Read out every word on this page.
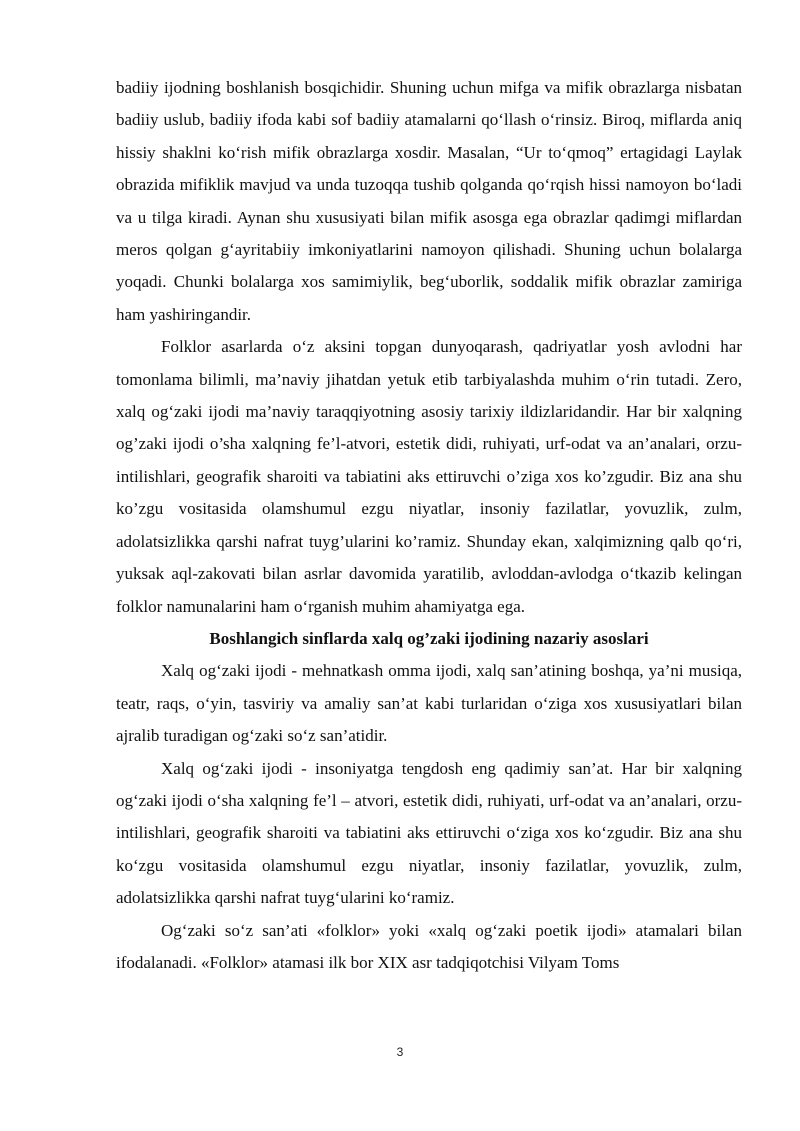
badiiy ijodning boshlanish bosqichidir. Shuning uchun mifga va mifik obrazlarga nisbatan badiiy uslub, badiiy ifoda kabi sof badiiy atamalarni qo‘llash o‘rinsiz. Biroq, miflarda aniq hissiy shaklni ko‘rish mifik obrazlarga xosdir. Masalan, “Ur to‘qmoq” ertagidagi Laylak obrazida mifiklik mavjud va unda tuzoqqa tushib qolganda qo‘rqish hissi namoyon bo‘ladi va u tilga kiradi. Aynan shu xususiyati bilan mifik asosga ega obrazlar qadimgi miflardan meros qolgan g‘ayritabiiy imkoniyatlarini namoyon qilishadi. Shuning uchun bolalarga yoqadi. Chunki bolalarga xos samimiylik, beg‘uborlik, soddalik mifik obrazlar zamiriga ham yashiringandir.

Folklor asarlarda o‘z aksini topgan dunyoqarash, qadriyatlar yosh avlodni har tomonlama bilimli, ma’naviy jihatdan yetuk etib tarbiyalashda muhim o‘rin tutadi. Zero, xalq og‘zaki ijodi ma’naviy taraqqiyotning asosiy tarixiy ildizlaridandir. Har bir xalqning og’zaki ijodi o’sha xalqning fe’l-atvori, estetik didi, ruhiyati, urf-odat va an’analari, orzu-intilishlari, geografik sharoiti va tabiatini aks ettiruvchi o’ziga xos ko’zgudir. Biz ana shu ko’zgu vositasida olamshumul ezgu niyatlar, insoniy fazilatlar, yovuzlik, zulm, adolatsizlikka qarshi nafrat tuyg’ularini ko’ramiz. Shunday ekan, xalqimizning qalb qo‘ri, yuksak aql-zakovati bilan asrlar davomida yaratilib, avloddan-avlodga o‘tkazib kelingan folklor namunalarini ham o‘rganish muhim ahamiyatga ega.

Boshlangich sinflarda xalq og’zaki ijodining nazariy asoslari

Xalq og‘zaki ijodi - mehnatkash omma ijodi, xalq san’atining boshqa, ya’ni musiqa, teatr, raqs, o‘yin, tasviriy va amaliy san’at kabi turlaridan o‘ziga xos xususiyatlari bilan ajralib turadigan og‘zaki so‘z san’atidir.

Xalq og‘zaki ijodi - insoniyatga tengdosh eng qadimiy san’at. Har bir xalqning og‘zaki ijodi o‘sha xalqning fe’l – atvori, estetik didi, ruhiyati, urf-odat va an’analari, orzu-intilishlari, geografik sharoiti va tabiatini aks ettiruvchi o‘ziga xos ko‘zgudir. Biz ana shu ko‘zgu vositasida olamshumul ezgu niyatlar, insoniy fazilatlar, yovuzlik, zulm, adolatsizlikka qarshi nafrat tuyg‘ularini ko‘ramiz.

Og‘zaki so‘z san’ati «folklor» yoki «xalq og‘zaki poetik ijodi» atamalari bilan ifodalanadi. «Folklor» atamasi ilk bor XIX asr tadqiqotchisi Vilyam Toms

3
